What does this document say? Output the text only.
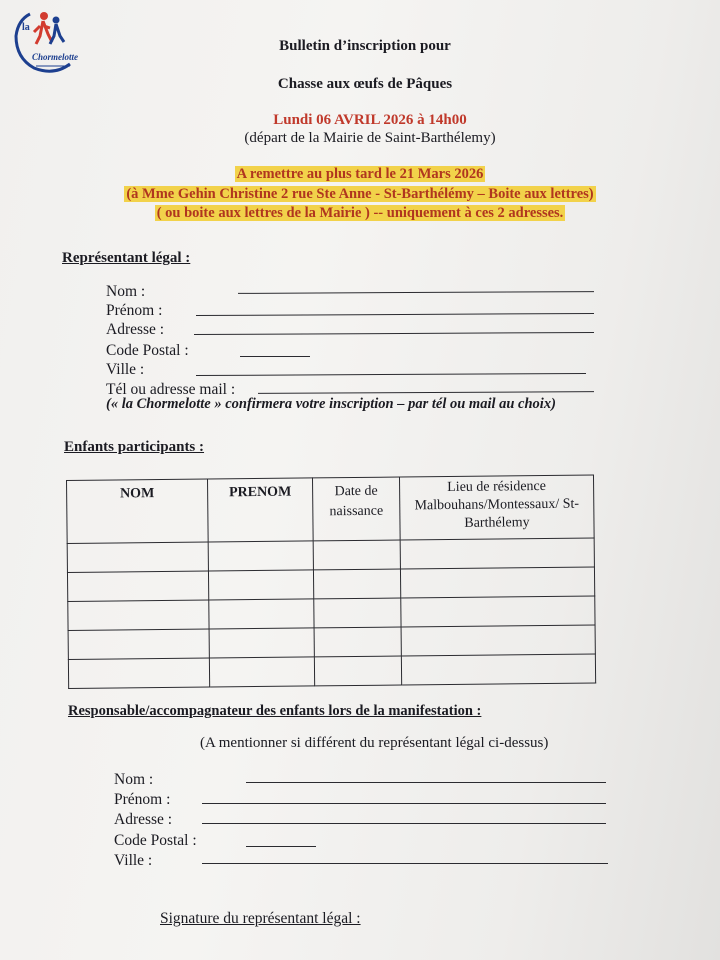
la
Chormelotte
Bulletin d’inscription pour
Chasse aux œufs de Pâques
Lundi 06 AVRIL 2026 à 14h00
(départ de la Mairie de Saint-Barthélemy)
A remettre au plus tard le 21 Mars 2026
(à Mme Gehin Christine 2 rue Ste Anne - St-Barthélémy – Boite aux lettres)
( ou boite aux lettres de la Mairie ) -- uniquement à ces 2 adresses.
Représentant légal :
Nom :
Prénom :
Adresse :
Code Postal :
Ville :
Tél ou adresse mail :
(« la Chormelotte » confirmera votre inscription – par tél ou mail au choix)
Enfants participants :
NOM	PRENOM	Date de naissance	Lieu de résidence Malbouhans/Montessaux/ St-Barthélemy

Responsable/accompagnateur des enfants lors de la manifestation :
(A mentionner si différent du représentant légal ci-dessus)
Nom :
Prénom :
Adresse :
Code Postal :
Ville :
Signature du représentant légal :
